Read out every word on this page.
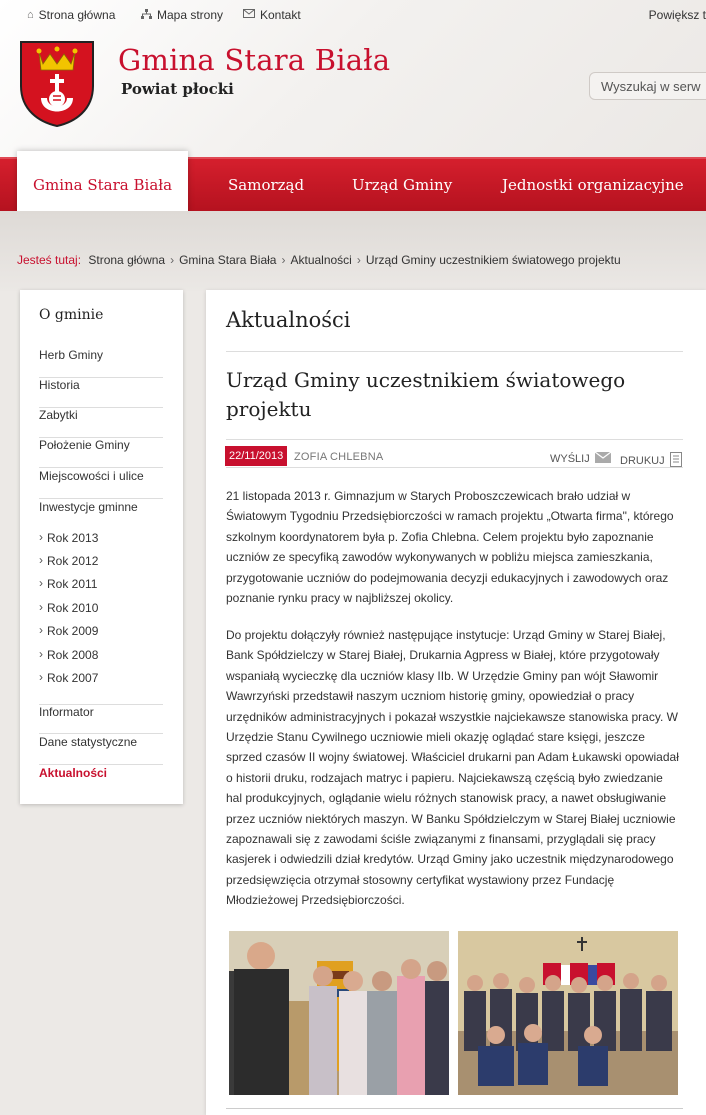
⌂ Strona główna	Mapa strony	Kontakt	Powiększ t
Gmina Stara Biała
Powiat płocki	Wyszukaj w serw
Gmina Stara Biała	Samorząd	Urząd Gminy	Jednostki organizacyjne
Jesteś tutaj: Strona główna › Gmina Stara Biała › Aktualności › Urząd Gminy uczestnikiem światowego projektu
O gminie
Herb Gminy
Historia
Zabytki
Położenie Gminy
Miejscowości i ulice
Inwestycje gminne
› Rok 2013
› Rok 2012
› Rok 2011
› Rok 2010
› Rok 2009
› Rok 2008
› Rok 2007
Informator
Dane statystyczne
Aktualności
Aktualności
Urząd Gminy uczestnikiem światowego projektu
22/11/2013 ZOFIA CHLEBNA	WYŚLIJ	DRUKUJ

21 listopada 2013 r. Gimnazjum w Starych Proboszczewicach brało udział w Światowym Tygodniu Przedsiębiorczości w ramach projektu „Otwarta firma", którego szkolnym koordynatorem była p. Zofia Chlebna. Celem projektu było zapoznanie uczniów ze specyfiką zawodów wykonywanych w pobliżu miejsca zamieszkania, przygotowanie uczniów do podejmowania decyzji edukacyjnych i zawodowych oraz poznanie rynku pracy w najbliższej okolicy.

Do projektu dołączyły również następujące instytucje: Urząd Gminy w Starej Białej, Bank Spółdzielczy w Starej Białej, Drukarnia Agpress w Białej, które przygotowały wspaniałą wycieczkę dla uczniów klasy IIb. W Urzędzie Gminy pan wójt Sławomir Wawrzyński przedstawił naszym uczniom historię gminy, opowiedział o pracy urzędników administracyjnych i pokazał wszystkie najciekawsze stanowiska pracy. W Urzędzie Stanu Cywilnego uczniowie mieli okazję oglądać stare księgi, jeszcze sprzed czasów II wojny światowej. Właściciel drukarni pan Adam Łukawski opowiadał o historii druku, rodzajach matryc i papieru. Najciekawszą częścią było zwiedzanie hal produkcyjnych, oglądanie wielu różnych stanowisk pracy, a nawet obsługiwanie przez uczniów niektórych maszyn. W Banku Spółdzielczym w Starej Białej uczniowie zapoznawali się z zawodami ściśle związanymi z finansami, przyglądali się pracy kasjerek i odwiedzili dział kredytów. Urząd Gminy jako uczestnik międzynarodowego przedsięwzięcia otrzymał stosowny certyfikat wystawiony przez Fundację Młodzieżowej Przedsiębiorczości.
